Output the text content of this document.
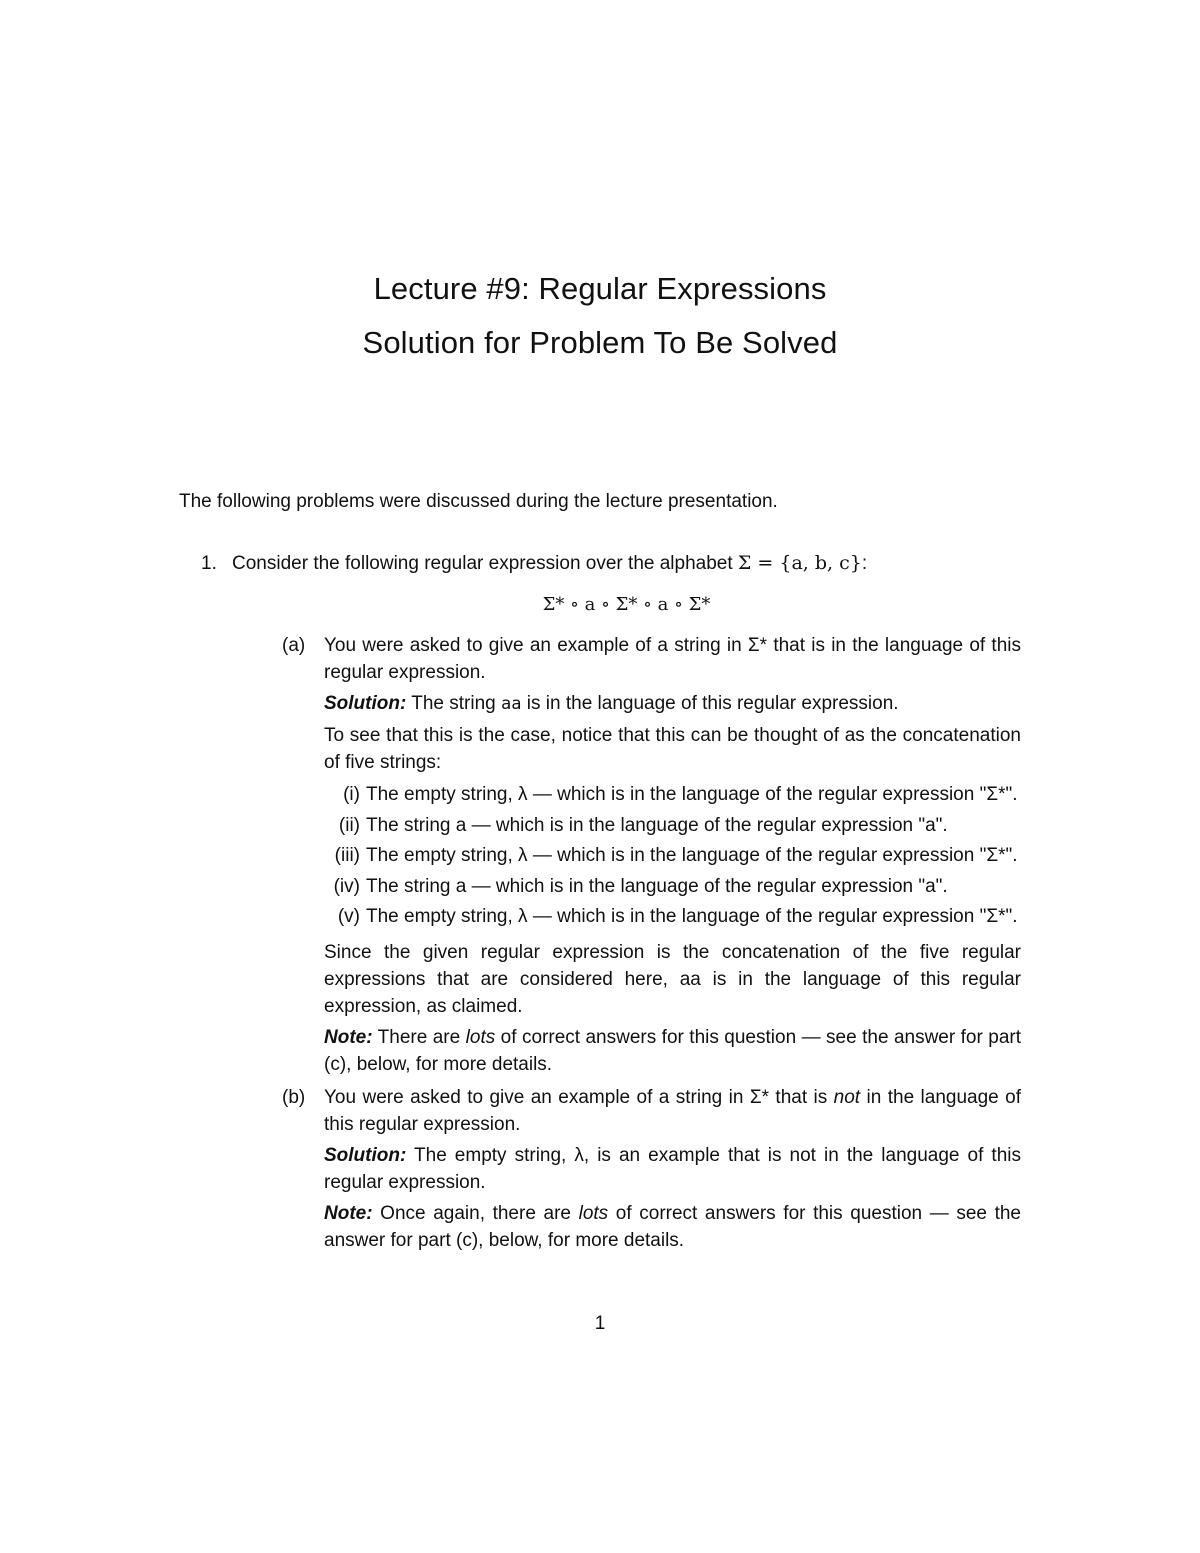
Lecture #9: Regular Expressions
Solution for Problem To Be Solved
The following problems were discussed during the lecture presentation.
1. Consider the following regular expression over the alphabet Σ = {a, b, c}:
Σ* ∘ a ∘ Σ* ∘ a ∘ Σ*
(a) You were asked to give an example of a string in Σ* that is in the language of this regular expression.

Solution: The string aa is in the language of this regular expression.

To see that this is the case, notice that this can be thought of as the concatenation of five strings:

(i) The empty string, λ — which is in the language of the regular expression "Σ*".
(ii) The string a — which is in the language of the regular expression "a".
(iii) The empty string, λ — which is in the language of the regular expression "Σ*".
(iv) The string a — which is in the language of the regular expression "a".
(v) The empty string, λ — which is in the language of the regular expression "Σ*".

Since the given regular expression is the concatenation of the five regular expressions that are considered here, aa is in the language of this regular expression, as claimed.

Note: There are lots of correct answers for this question — see the answer for part (c), below, for more details.

(b) You were asked to give an example of a string in Σ* that is not in the language of this regular expression.

Solution: The empty string, λ, is an example that is not in the language of this regular expression.

Note: Once again, there are lots of correct answers for this question — see the answer for part (c), below, for more details.

1
